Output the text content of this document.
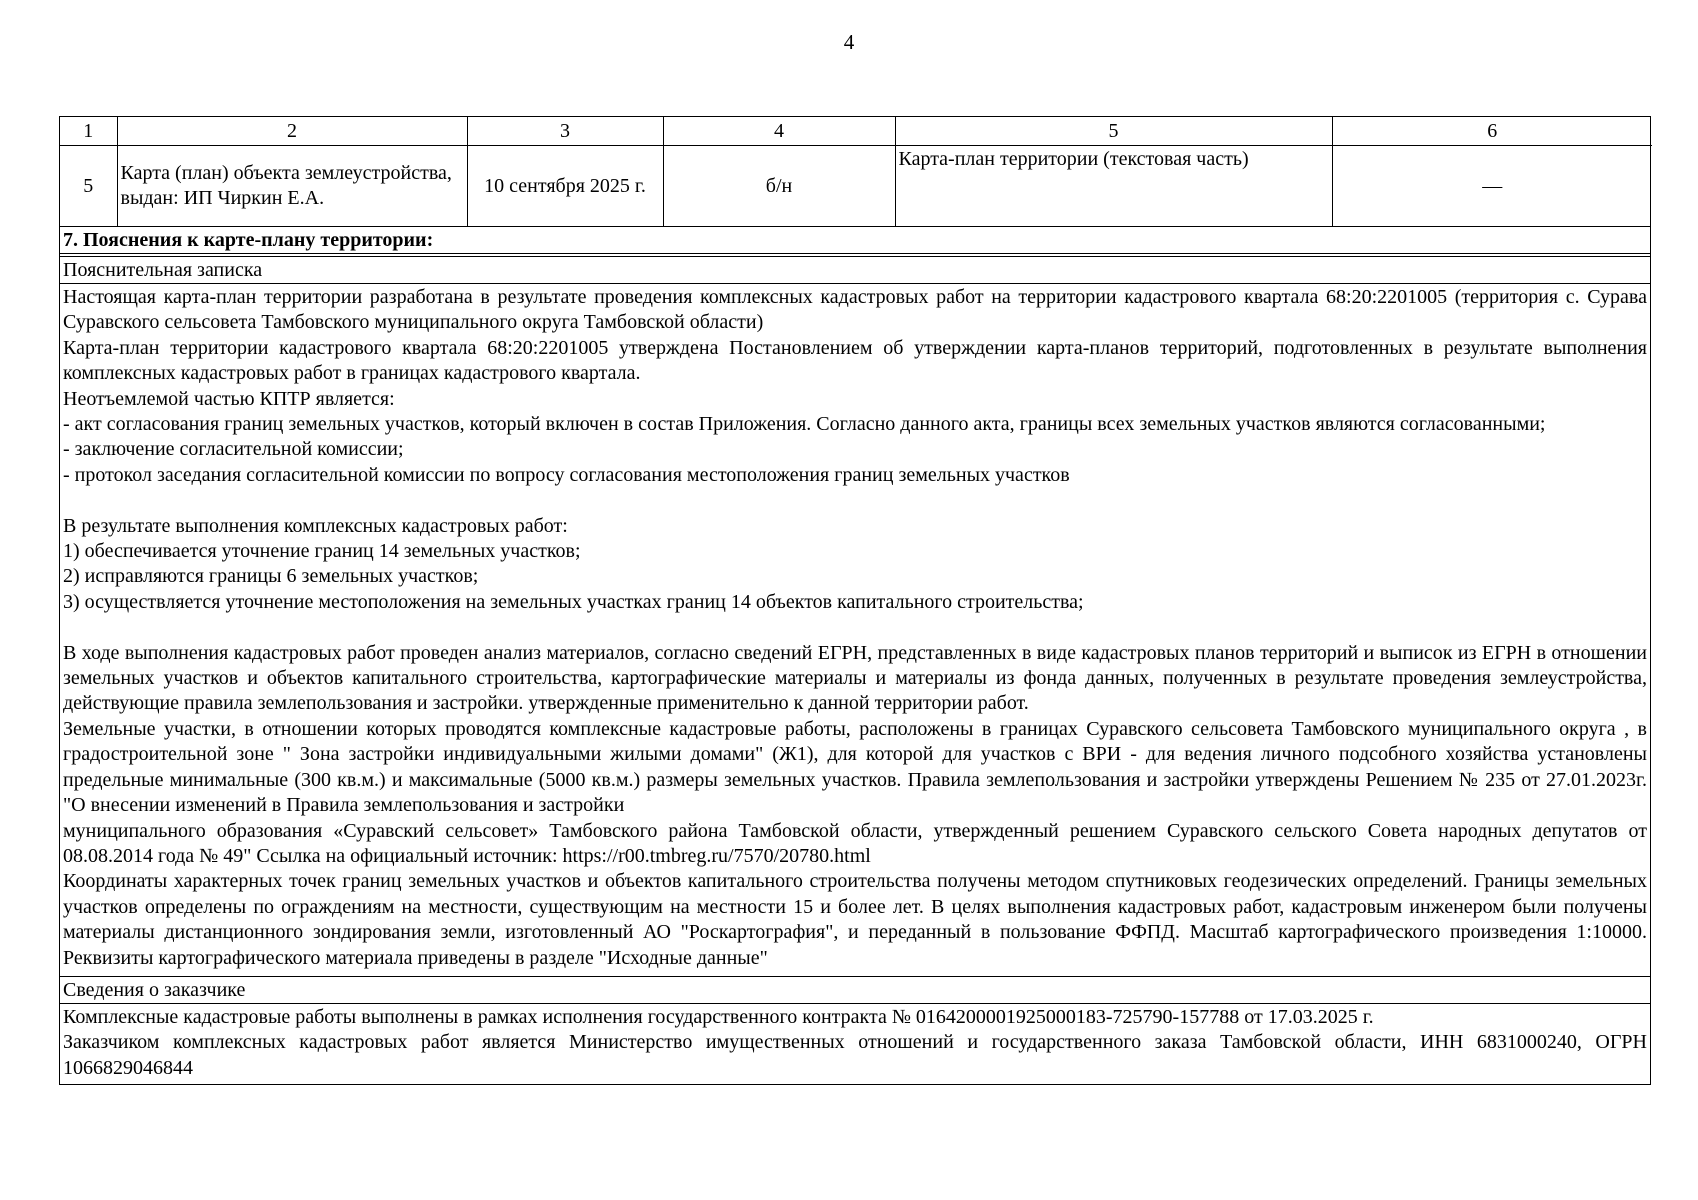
4
1	2	3	4	5	6
5	Карта (план) объекта землеустройства, выдан: ИП Чиркин Е.А.	10 сентября 2025 г.	б/н	Карта-план территории (текстовая часть)	—
7. Пояснения к карте-плану территории:
Пояснительная записка

Настоящая карта-план территории разработана в результате проведения комплексных кадастровых работ на территории кадастрового квартала 68:20:2201005 (территория с. Сурава Суравского сельсовета Тамбовского муниципального округа Тамбовской области)

Карта-план территории кадастрового квартала 68:20:2201005 утверждена Постановлением об утверждении карта-планов территорий, подготовленных в результате выполнения комплексных кадастровых работ в границах кадастрового квартала.

Неотъемлемой частью КПТР является:

- акт согласования границ земельных участков, который включен в состав Приложения. Согласно данного акта, границы всех земельных участков являются согласованными;

- заключение согласительной комиссии;

- протокол заседания согласительной комиссии по вопросу согласования местоположения границ земельных участков

В результате выполнения комплексных кадастровых работ:

1) обеспечивается уточнение границ 14 земельных участков;

2) исправляются границы 6 земельных участков;

3) осуществляется уточнение местоположения на земельных участках границ 14 объектов капитального строительства;

В ходе выполнения кадастровых работ проведен анализ материалов, согласно сведений ЕГРН, представленных в виде кадастровых планов территорий и выписок из ЕГРН в отношении земельных участков и объектов капитального строительства, картографические материалы и материалы из фонда данных, полученных в результате проведения землеустройства, действующие правила землепользования и застройки. утвержденные применительно к данной территории работ.

Земельные участки, в отношении которых проводятся комплексные кадастровые работы, расположены в границах Суравского сельсовета Тамбовского муниципального округа , в градостроительной зоне " Зона застройки индивидуальными жилыми домами" (Ж1), для которой для участков с ВРИ - для ведения личного подсобного хозяйства установлены предельные минимальные (300 кв.м.) и максимальные (5000 кв.м.) размеры земельных участков. Правила землепользования и застройки утверждены Решением № 235 от 27.01.2023г. "О внесении изменений в Правила землепользования и застройки

муниципального образования «Суравский сельсовет» Тамбовского района Тамбовской области, утвержденный решением Суравского сельского Совета народных депутатов от 08.08.2014 года № 49" Ссылка на официальный источник: https://r00.tmbreg.ru/7570/20780.html

Координаты характерных точек границ земельных участков и объектов капитального строительства получены методом спутниковых геодезических определений. Границы земельных участков определены по ограждениям на местности, существующим на местности 15 и более лет. В целях выполнения кадастровых работ, кадастровым инженером были получены материалы дистанционного зондирования земли, изготовленный АО "Роскартография", и переданный в пользование ФФПД. Масштаб картографического произведения 1:10000. Реквизиты картографического материала приведены в разделе "Исходные данные"

Сведения о заказчике

Комплексные кадастровые работы выполнены в рамках исполнения государственного контракта № 0164200001925000183-725790-157788 от 17.03.2025 г.

Заказчиком комплексных кадастровых работ является Министерство имущественных отношений и государственного заказа Тамбовской области, ИНН 6831000240, ОГРН 1066829046844
